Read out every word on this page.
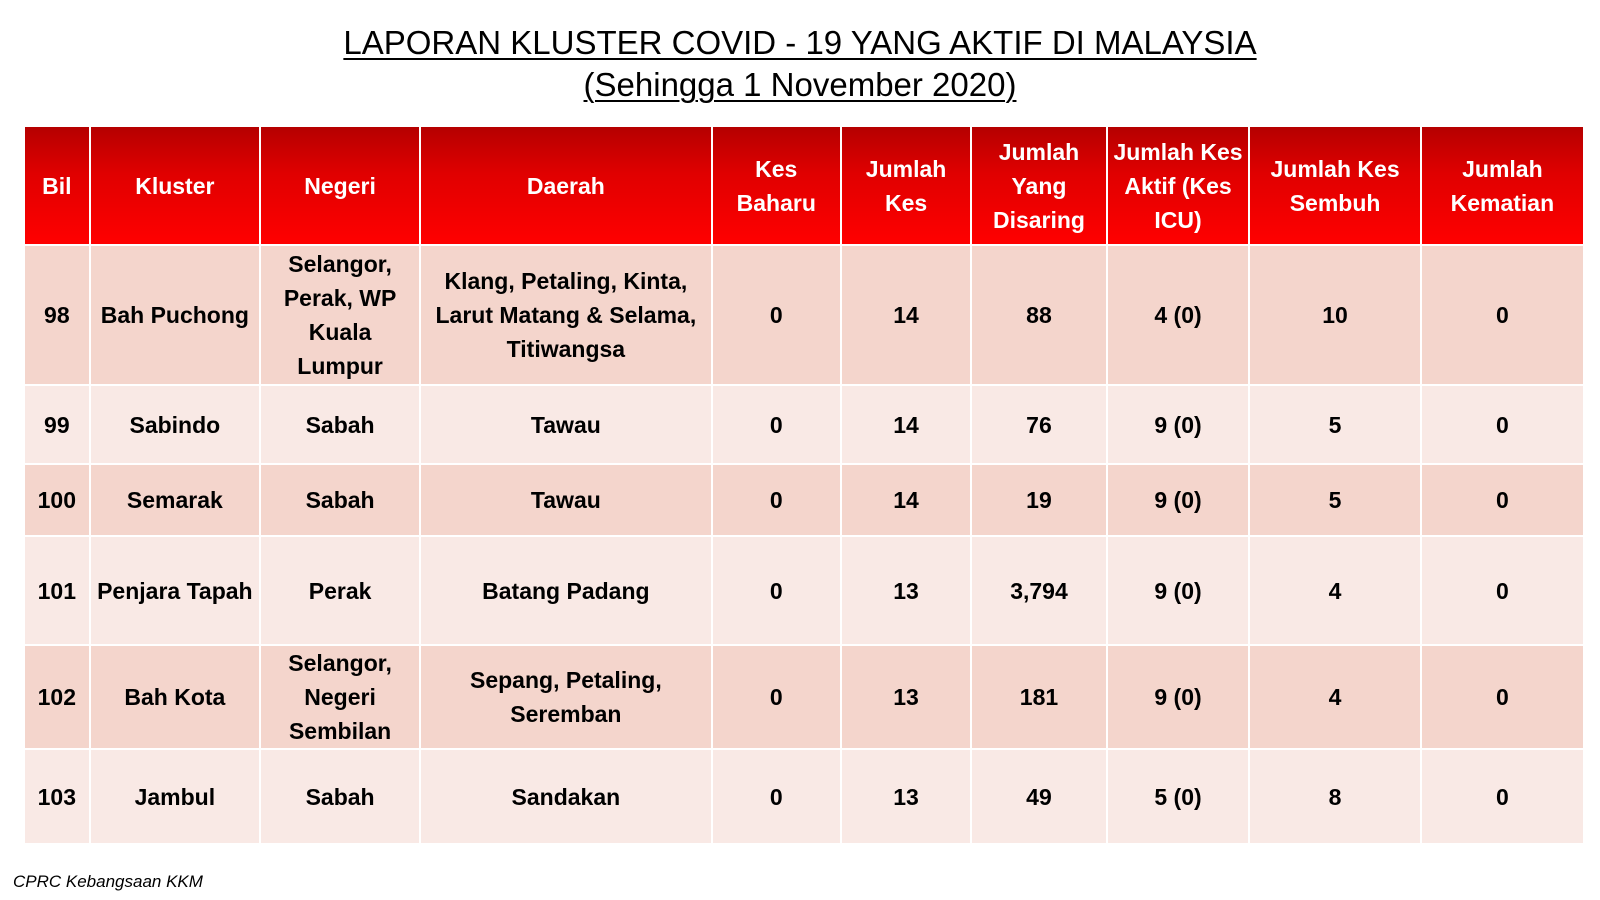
LAPORAN KLUSTER COVID - 19 YANG AKTIF DI MALAYSIA
(Sehingga 1 November 2020)
Bil	Kluster	Negeri	Daerah	Kes Baharu	Jumlah Kes	Jumlah Yang Disaring	Jumlah Kes Aktif (Kes ICU)	Jumlah Kes Sembuh	Jumlah Kematian
98	Bah Puchong	Selangor, Perak, WP Kuala Lumpur	Klang, Petaling, Kinta, Larut Matang & Selama, Titiwangsa	0	14	88	4 (0)	10	0
99	Sabindo	Sabah	Tawau	0	14	76	9 (0)	5	0
100	Semarak	Sabah	Tawau	0	14	19	9 (0)	5	0
101	Penjara Tapah	Perak	Batang Padang	0	13	3,794	9 (0)	4	0
102	Bah Kota	Selangor, Negeri Sembilan	Sepang, Petaling, Seremban	0	13	181	9 (0)	4	0
103	Jambul	Sabah	Sandakan	0	13	49	5 (0)	8	0
CPRC Kebangsaan KKM
